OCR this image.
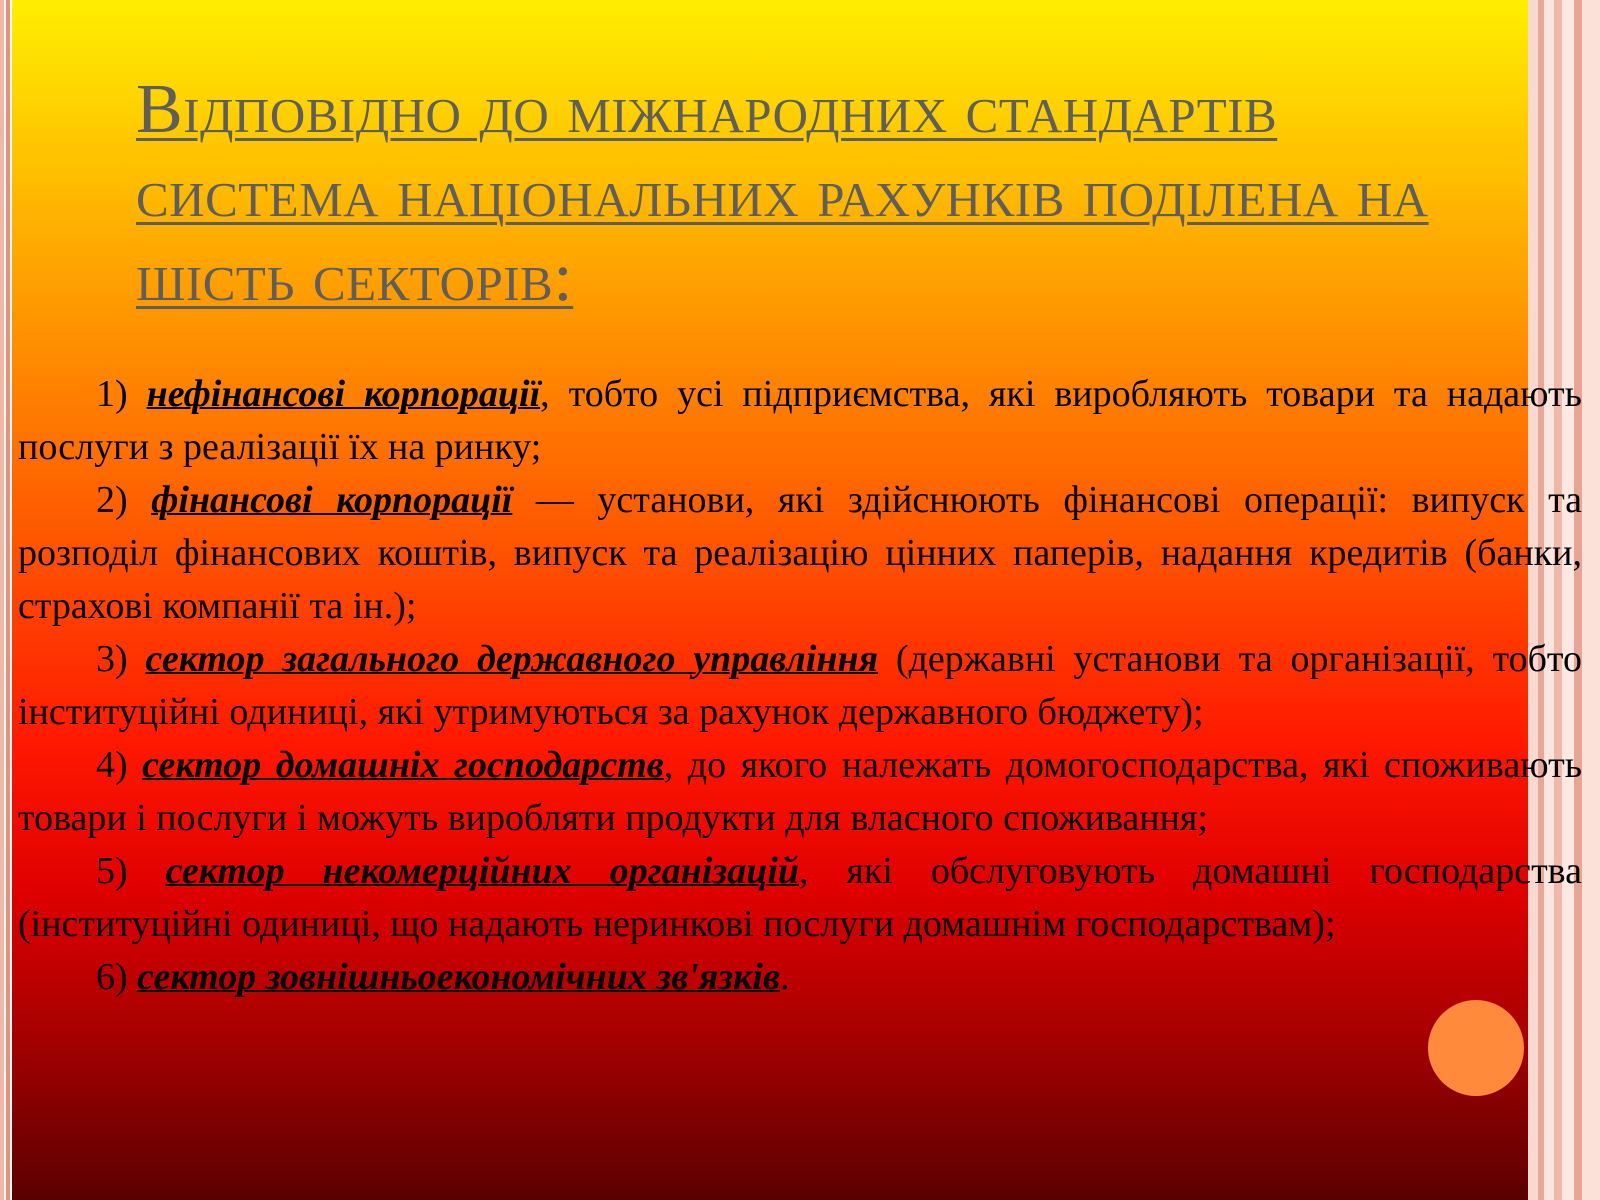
Відповідно до міжнародних стандартів система національних рахунків поділена на шість секторів:

1) нефінансові корпорації, тобто усі підприємства, які виробляють товари та надають послуги з реалізації їх на ринку;

2) фінансові корпорації — установи, які здійснюють фінансові операції: випуск та розподіл фінансових коштів, випуск та реалізацію цінних паперів, надання кредитів (банки, страхові компанії та ін.);

3) сектор загального державного управління (державні установи та організації, тобто інституційні одиниці, які утримуються за рахунок державного бюджету);

4) сектор домашніх господарств, до якого належать домогосподарства, які споживають товари і послуги і можуть виробляти продукти для власного споживання;

5) сектор некомерційних організацій, які обслуговують домашні господарства (інституційні одиниці, що надають неринкові послуги домашнім господарствам);

6) сектор зовнішньоекономічних зв'язків.
